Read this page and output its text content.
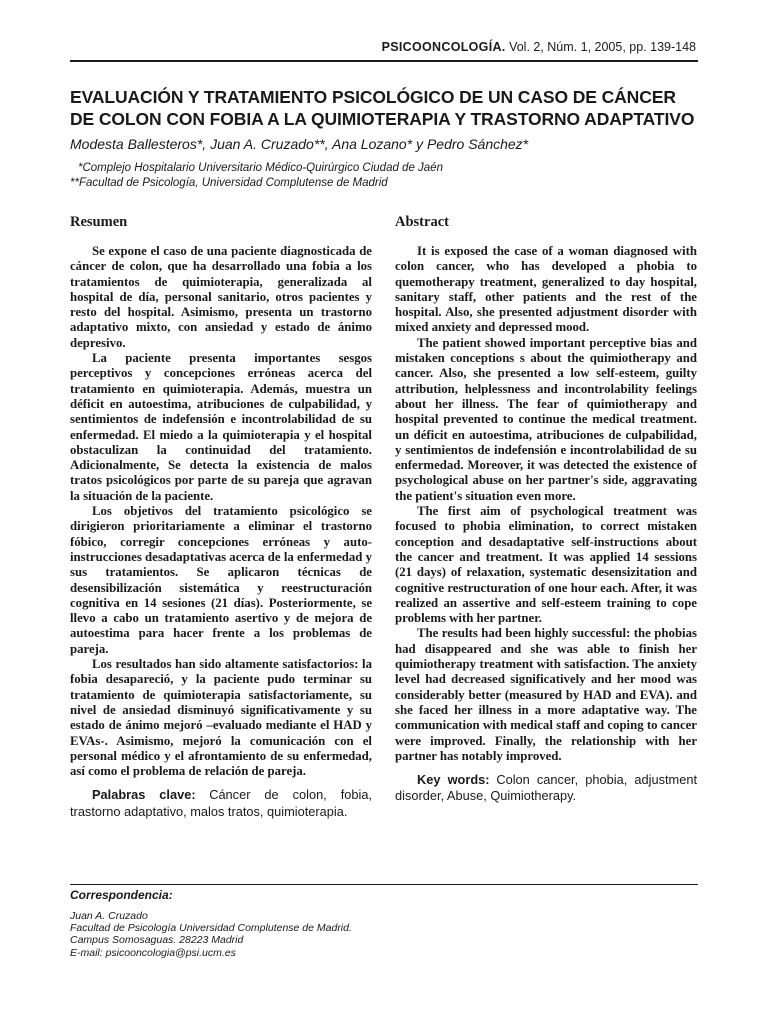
PSICOONCOLOGÍA. Vol. 2, Núm. 1, 2005, pp. 139-148
EVALUACIÓN Y TRATAMIENTO PSICOLÓGICO DE UN CASO DE CÁNCER DE COLON CON FOBIA A LA QUIMIOTERAPIA Y TRASTORNO ADAPTATIVO
Modesta Ballesteros*, Juan A. Cruzado**, Ana Lozano* y Pedro Sánchez*
*Complejo Hospitalario Universitario Médico-Quirúrgico Ciudad de Jaén
**Facultad de Psicología, Universidad Complutense de Madrid
Resumen

Se expone el caso de una paciente diagnosticada de cáncer de colon, que ha desarrollado una fobia a los tratamientos de quimioterapia, generalizada al hospital de día, personal sanitario, otros pacientes y resto del hospital. Asimismo, presenta un trastorno adaptativo mixto, con ansiedad y estado de ánimo depresivo.

La paciente presenta importantes sesgos perceptivos y concepciones erróneas acerca del tratamiento en quimioterapia. Además, muestra un déficit en autoestima, atribuciones de culpabilidad, y sentimientos de indefensión e incontrolabilidad de su enfermedad. El miedo a la quimioterapia y el hospital obstaculizan la continuidad del tratamiento. Adicionalmente, Se detecta la existencia de malos tratos psicológicos por parte de su pareja que agravan la situación de la paciente.

Los objetivos del tratamiento psicológico se dirigieron prioritariamente a eliminar el trastorno fóbico, corregir concepciones erróneas y auto-instrucciones desadaptativas acerca de la enfermedad y sus tratamientos. Se aplicaron técnicas de desensibilización sistemática y reestructuración cognitiva en 14 sesiones (21 días). Posteriormente, se llevo a cabo un tratamiento asertivo y de mejora de autoestima para hacer frente a los problemas de pareja.

Los resultados han sido altamente satisfactorios: la fobia desapareció, y la paciente pudo terminar su tratamiento de quimioterapia satisfactoriamente, su nivel de ansiedad disminuyó significativamente y su estado de ánimo mejoró –evaluado mediante el HAD y EVAs-. Asimismo, mejoró la comunicación con el personal médico y el afrontamiento de su enfermedad, así como el problema de relación de pareja.

Palabras clave: Cáncer de colon, fobia, trastorno adaptativo, malos tratos, quimioterapia.

Abstract

It is exposed the case of a woman diagnosed with colon cancer, who has developed a phobia to quemotherapy treatment, generalized to day hospital, sanitary staff, other patients and the rest of the hospital. Also, she presented adjustment disorder with mixed anxiety and depressed mood.

The patient showed important perceptive bias and mistaken conceptions s about the quimiotherapy and cancer. Also, she presented a low self-esteem, guilty attribution, helplessness and incontrolability feelings about her illness. The fear of quimiotherapy and hospital prevented to continue the medical treatment. un déficit en autoestima, atribuciones de culpabilidad, y sentimientos de indefensión e incontrolabilidad de su enfermedad. Moreover, it was detected the existence of psychological abuse on her partner's side, aggravating the patient's situation even more.

The first aim of psychological treatment was focused to phobia elimination, to correct mistaken conception and desadaptative self-instructions about the cancer and treatment. It was applied 14 sessions (21 days) of relaxation, systematic desensizitation and cognitive restructuration of one hour each. After, it was realized an assertive and self-esteem training to cope problems with her partner.

The results had been highly successful: the phobias had disappeared and she was able to finish her quimiotherapy treatment with satisfaction. The anxiety level had decreased significatively and her mood was considerably better (measured by HAD and EVA). and she faced her illness in a more adaptative way. The communication with medical staff and coping to cancer were improved. Finally, the relationship with her partner has notably improved.

Key words: Colon cancer, phobia, adjustment disorder, Abuse, Quimiotherapy.

Correspondencia:
Juan A. Cruzado
Facultad de Psicología Universidad Complutense de Madrid.
Campus Somosaguas. 28223 Madrid
E-mail: psicooncologia@psi.ucm.es
